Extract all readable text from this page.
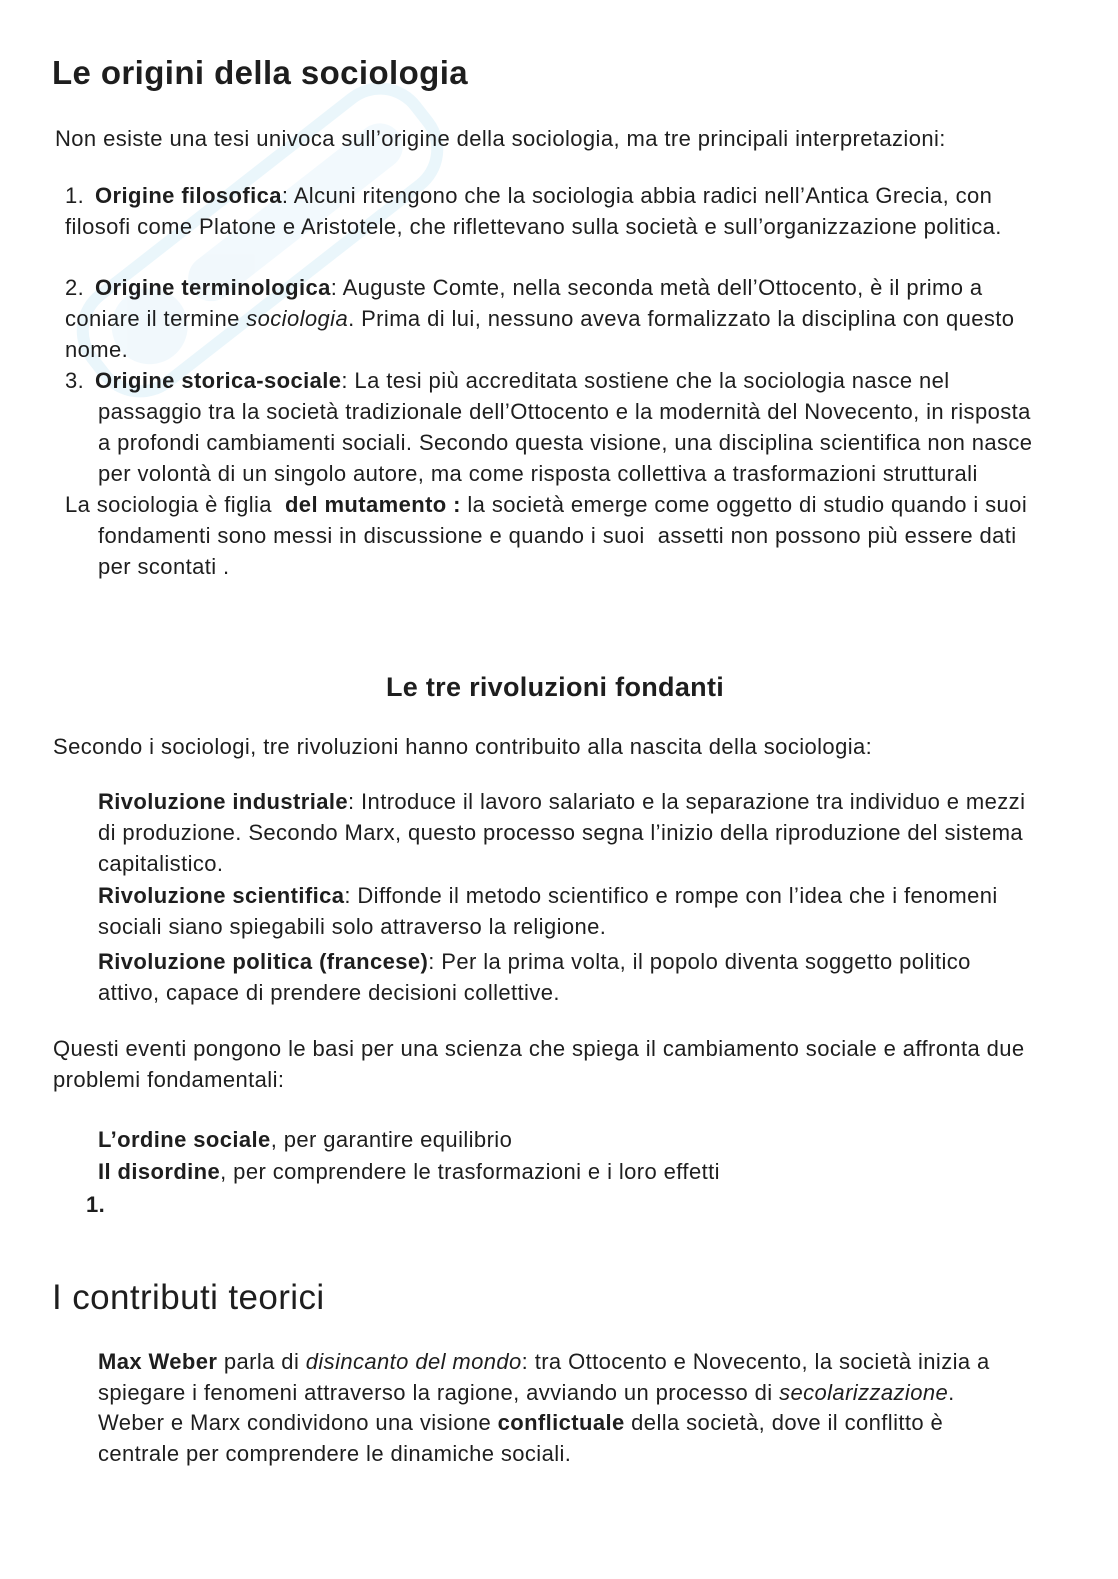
Le origini della sociologia

Non esiste una tesi univoca sull’origine della sociologia, ma tre principali interpretazioni:

1. Origine filosofica: Alcuni ritengono che la sociologia abbia radici nell’Antica Grecia, con
filosofi come Platone e Aristotele, che riflettevano sulla società e sull’organizzazione politica.

2. Origine terminologica: Auguste Comte, nella seconda metà dell’Ottocento, è il primo a
coniare il termine sociologia. Prima di lui, nessuno aveva formalizzato la disciplina con questo
nome.

3. Origine storica-sociale: La tesi più accreditata sostiene che la sociologia nasce nel
passaggio tra la società tradizionale dell’Ottocento e la modernità del Novecento, in risposta
a profondi cambiamenti sociali. Secondo questa visione, una disciplina scientifica non nasce
per volontà di un singolo autore, ma come risposta collettiva a trasformazioni strutturali

La sociologia è figlia  del mutamento : la società emerge come oggetto di studio quando i suoi
fondamenti sono messi in discussione e quando i suoi  assetti non possono più essere dati
per scontati .

Le tre rivoluzioni fondanti

Secondo i sociologi, tre rivoluzioni hanno contribuito alla nascita della sociologia:

Rivoluzione industriale: Introduce il lavoro salariato e la separazione tra individuo e mezzi
di produzione. Secondo Marx, questo processo segna l’inizio della riproduzione del sistema
capitalistico.

Rivoluzione scientifica: Diffonde il metodo scientifico e rompe con l’idea che i fenomeni
sociali siano spiegabili solo attraverso la religione.

Rivoluzione politica (francese): Per la prima volta, il popolo diventa soggetto politico
attivo, capace di prendere decisioni collettive.

Questi eventi pongono le basi per una scienza che spiega il cambiamento sociale e affronta due
problemi fondamentali:

L’ordine sociale, per garantire equilibrio

Il disordine, per comprendere le trasformazioni e i loro effetti

1.

I contributi teorici

Max Weber parla di disincanto del mondo: tra Ottocento e Novecento, la società inizia a
spiegare i fenomeni attraverso la ragione, avviando un processo di secolarizzazione.

Weber e Marx condividono una visione conflictuale della società, dove il conflitto è
centrale per comprendere le dinamiche sociali.
